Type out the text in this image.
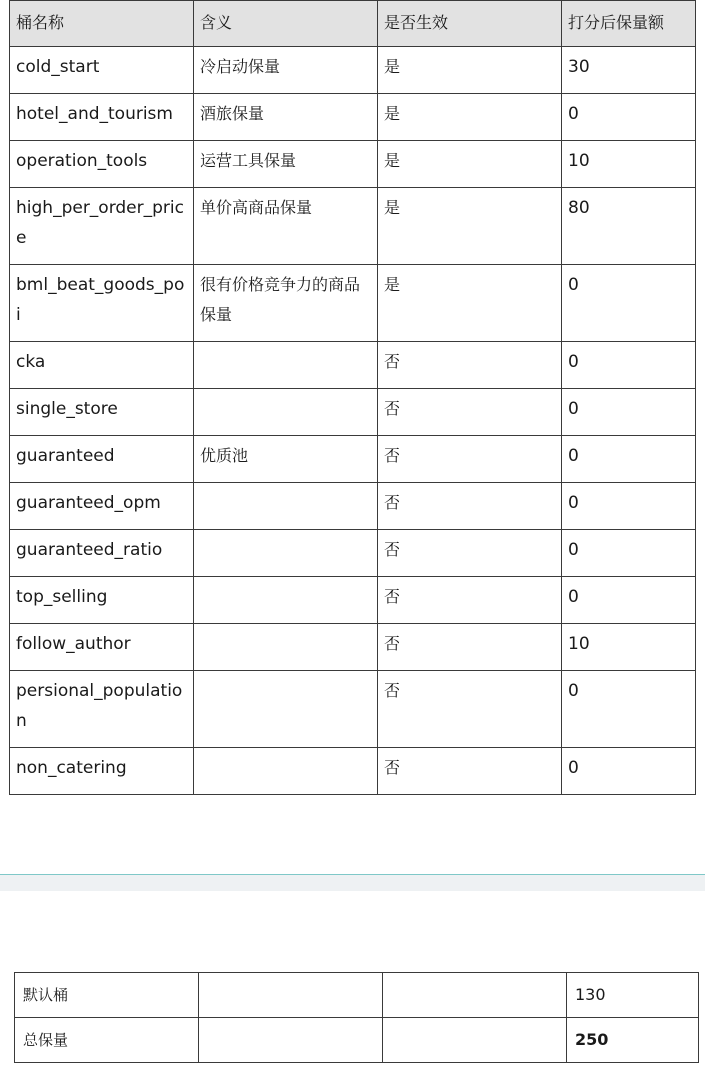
桶名称	含义	是否生效	打分后保量额
cold_start	冷启动保量	是	30
hotel_and_tourism	酒旅保量	是	0
operation_tools	运营工具保量	是	10
high_per_order_price	单价高商品保量	是	80
bml_beat_goods_poi	很有价格竞争力的商品保量	是	0
cka		否	0
single_store		否	0
guaranteed	优质池	否	0
guaranteed_opm		否	0
guaranteed_ratio		否	0
top_selling		否	0
follow_author		否	10
persional_population		否	0
non_catering		否	0
默认桶			130
总保量			250
